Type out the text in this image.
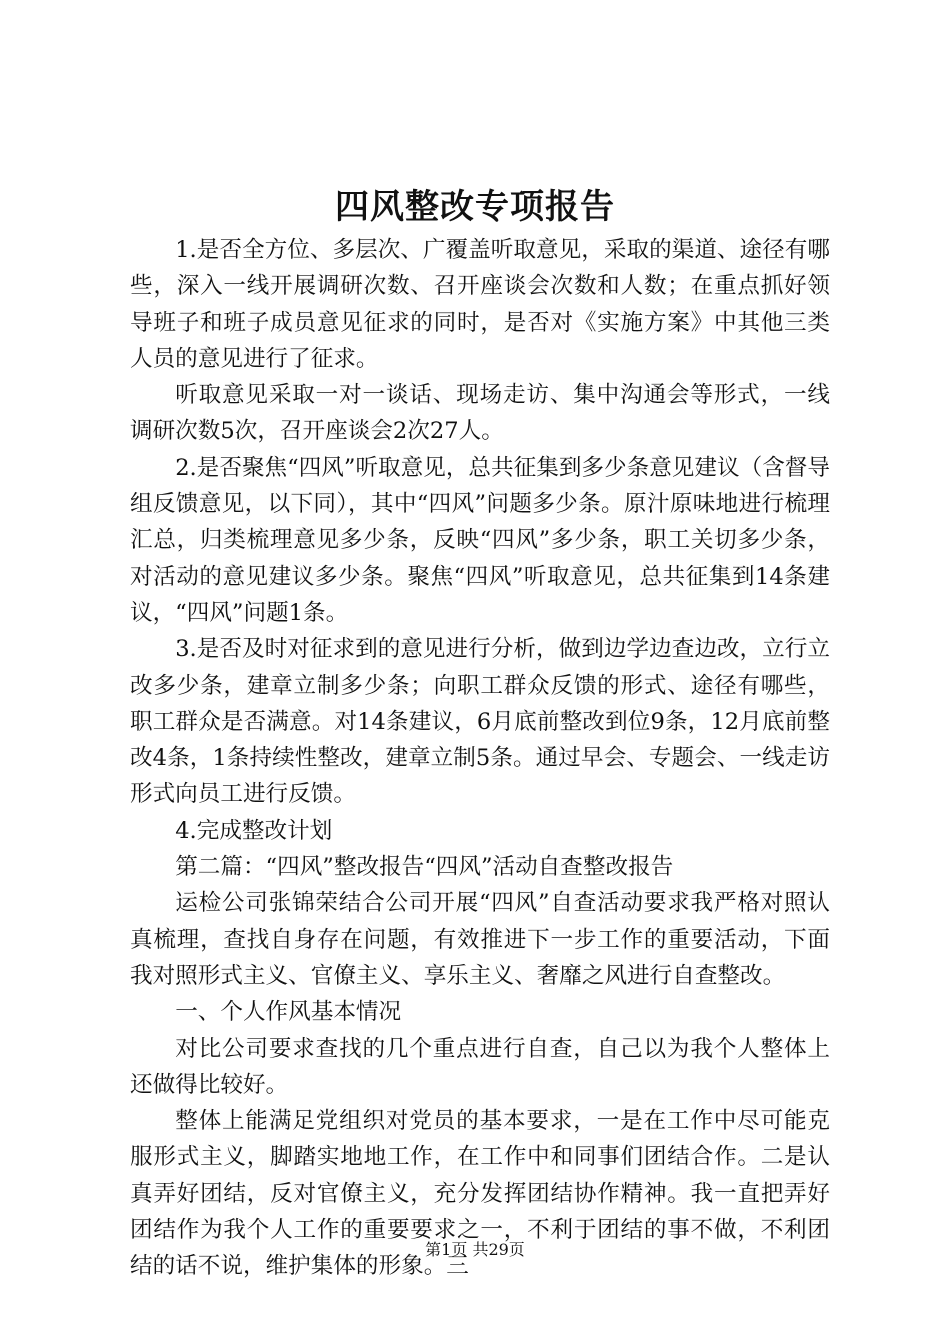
四风整改专项报告

1.是否全方位、多层次、广覆盖听取意见，采取的渠道、途径有哪些，深入一线开展调研次数、召开座谈会次数和人数；在重点抓好领导班子和班子成员意见征求的同时，是否对《实施方案》中其他三类人员的意见进行了征求。

听取意见采取一对一谈话、现场走访、集中沟通会等形式，一线调研次数5次，召开座谈会2次27人。

2.是否聚焦“四风”听取意见，总共征集到多少条意见建议（含督导组反馈意见，以下同），其中“四风”问题多少条。原汁原味地进行梳理汇总，归类梳理意见多少条，反映“四风”多少条，职工关切多少条，对活动的意见建议多少条。聚焦“四风”听取意见，总共征集到14条建议，“四风”问题1条。

3.是否及时对征求到的意见进行分析，做到边学边查边改，立行立改多少条，建章立制多少条；向职工群众反馈的形式、途径有哪些，职工群众是否满意。对14条建议，6月底前整改到位9条，12月底前整改4条，1条持续性整改，建章立制5条。通过早会、专题会、一线走访形式向员工进行反馈。

4.完成整改计划

第二篇：“四风”整改报告“四风”活动自查整改报告

运检公司张锦荣结合公司开展“四风”自查活动要求我严格对照认真梳理，查找自身存在问题，有效推进下一步工作的重要活动，下面我对照形式主义、官僚主义、享乐主义、奢靡之风进行自查整改。

一、个人作风基本情况

对比公司要求查找的几个重点进行自查，自己以为我个人整体上还做得比较好。

整体上能满足党组织对党员的基本要求，一是在工作中尽可能克服形式主义，脚踏实地地工作，在工作中和同事们团结合作。二是认真弄好团结，反对官僚主义，充分发挥团结协作精神。我一直把弄好团结作为我个人工作的重要要求之一，不利于团结的事不做，不利团结的话不说，维护集体的形象。三

第1页 共29页
